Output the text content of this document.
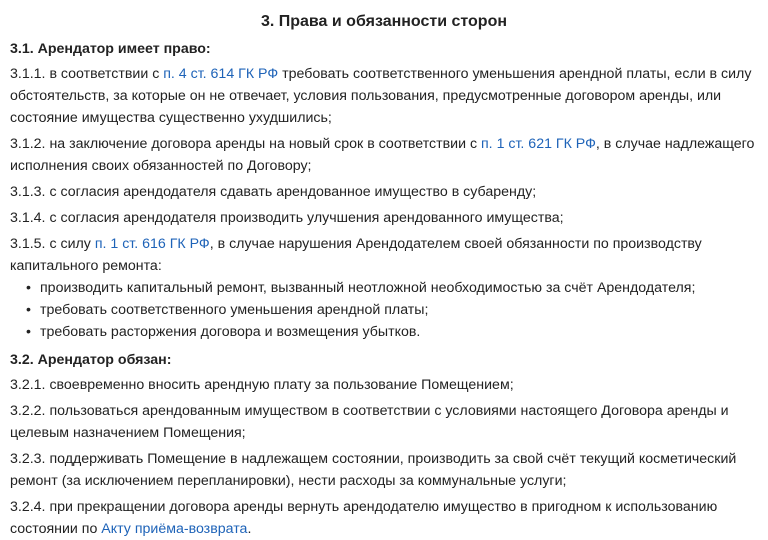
3. Права и обязанности сторон
3.1. Арендатор имеет право:

3.1.1. в соответствии с п. 4 ст. 614 ГК РФ требовать соответственного уменьшения арендной платы, если в силу обстоятельств, за которые он не отвечает, условия пользования, предусмотренные договором аренды, или состояние имущества существенно ухудшились;

3.1.2. на заключение договора аренды на новый срок в соответствии с п. 1 ст. 621 ГК РФ, в случае надлежащего исполнения своих обязанностей по Договору;

3.1.3. с согласия арендодателя сдавать арендованное имущество в субаренду;

3.1.4. с согласия арендодателя производить улучшения арендованного имущества;

3.1.5. с силу п. 1 ст. 616 ГК РФ, в случае нарушения Арендодателем своей обязанности по производству капитального ремонта:

• производить капитальный ремонт, вызванный неотложной необходимостью за счёт Арендодателя;
• требовать соответственного уменьшения арендной платы;
• требовать расторжения договора и возмещения убытков.
3.2. Арендатор обязан:

3.2.1. своевременно вносить арендную плату за пользование Помещением;

3.2.2. пользоваться арендованным имуществом в соответствии с условиями настоящего Договора аренды и целевым назначением Помещения;

3.2.3. поддерживать Помещение в надлежащем состоянии, производить за свой счёт текущий косметический ремонт (за исключением перепланировки), нести расходы за коммунальные услуги;

3.2.4. при прекращении договора аренды вернуть арендодателю имущество в пригодном к использованию состоянии по Акту приёма-возврата.
